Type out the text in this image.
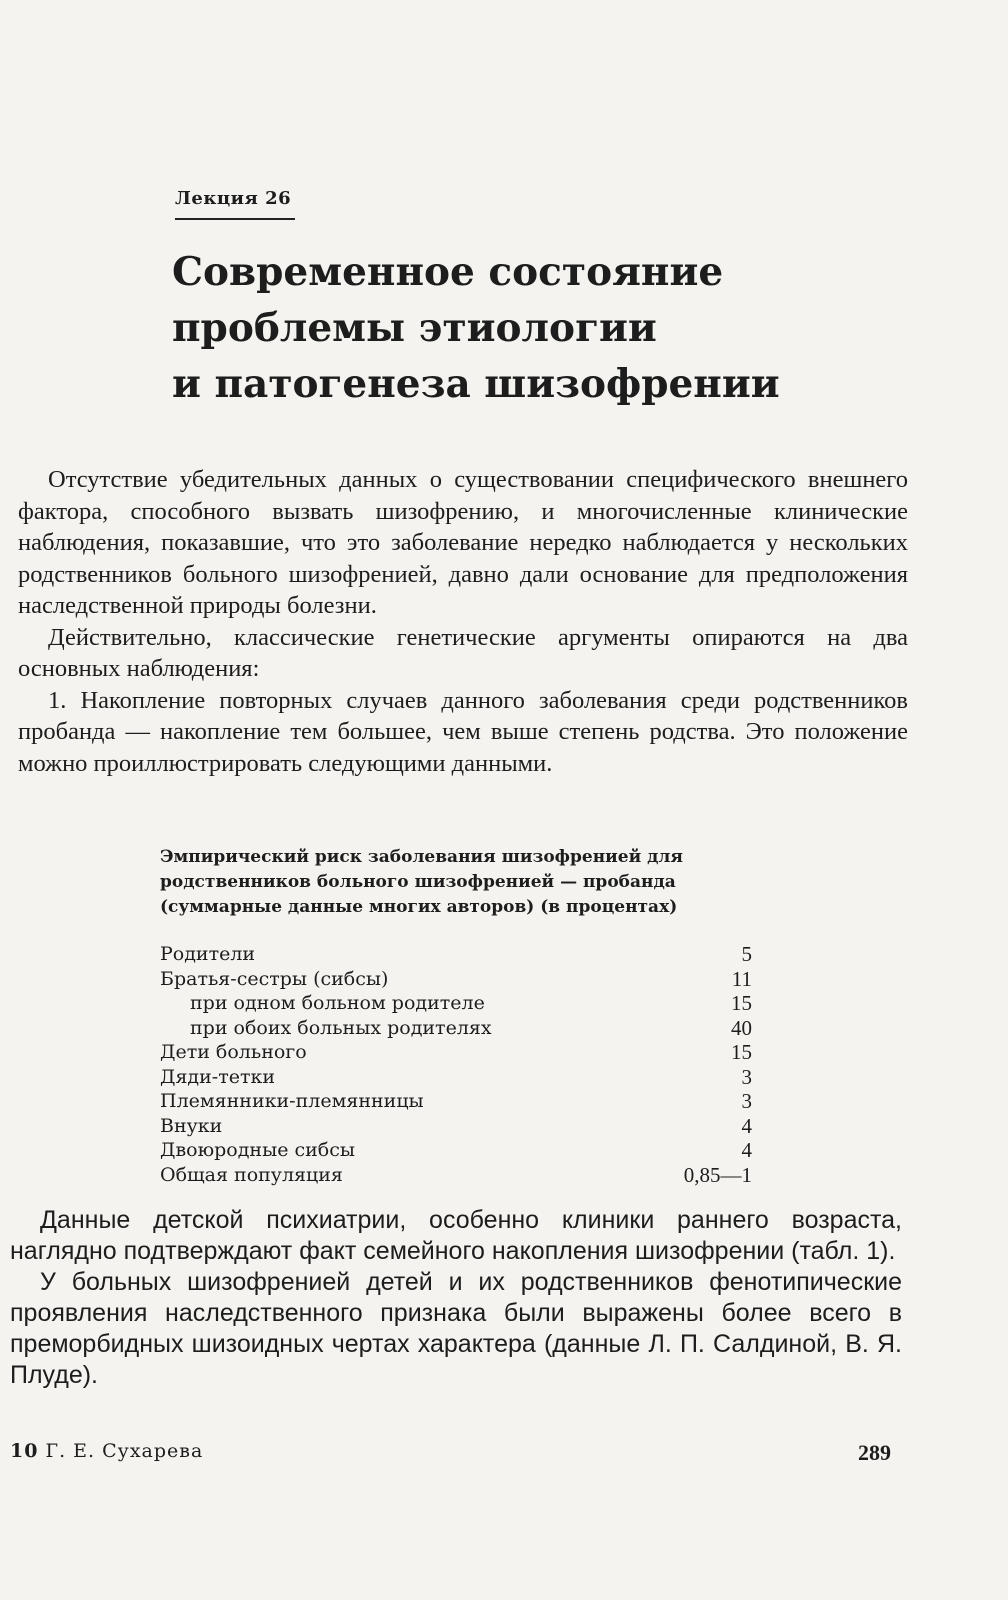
Лекция 26
Современное состояние
проблемы этиологии
и патогенеза шизофрении

Отсутствие убедительных данных о существовании специфического внешнего фактора, способного вызвать шизофрению, и многочисленные клинические наблюдения, показавшие, что это заболевание нередко наблюдается у нескольких родственников больного шизофренией, давно дали основание для предположения наследственной природы болезни.

Действительно, классические генетические аргументы опираются на два основных наблюдения:

1. Накопление повторных случаев данного заболевания среди родственников пробанда — накопление тем большее, чем выше степень родства. Это положение можно проиллюстрировать следующими данными.

Эмпирический риск заболевания шизофренией для
родственников больного шизофренией — пробанда
(суммарные данные многих авторов) (в процентах)

Родители	5
Братья-сестры (сибсы)	11
при одном больном родителе	15
при обоих больных родителях	40
Дети больного	15
Дяди-тетки	3
Племянники-племянницы	3
Внуки	4
Двоюродные сибсы	4
Общая популяция	0,85—1

Данные детской психиатрии, особенно клиники раннего возраста, наглядно подтверждают факт семейного накопления шизофрении (табл. 1).

У больных шизофренией детей и их родственников фенотипические проявления наследственного признака были выражены более всего в преморбидных шизоидных чертах характера (данные Л. П. Салдиной, В. Я. Плуде).

10 Г. Е. Сухарева	289
